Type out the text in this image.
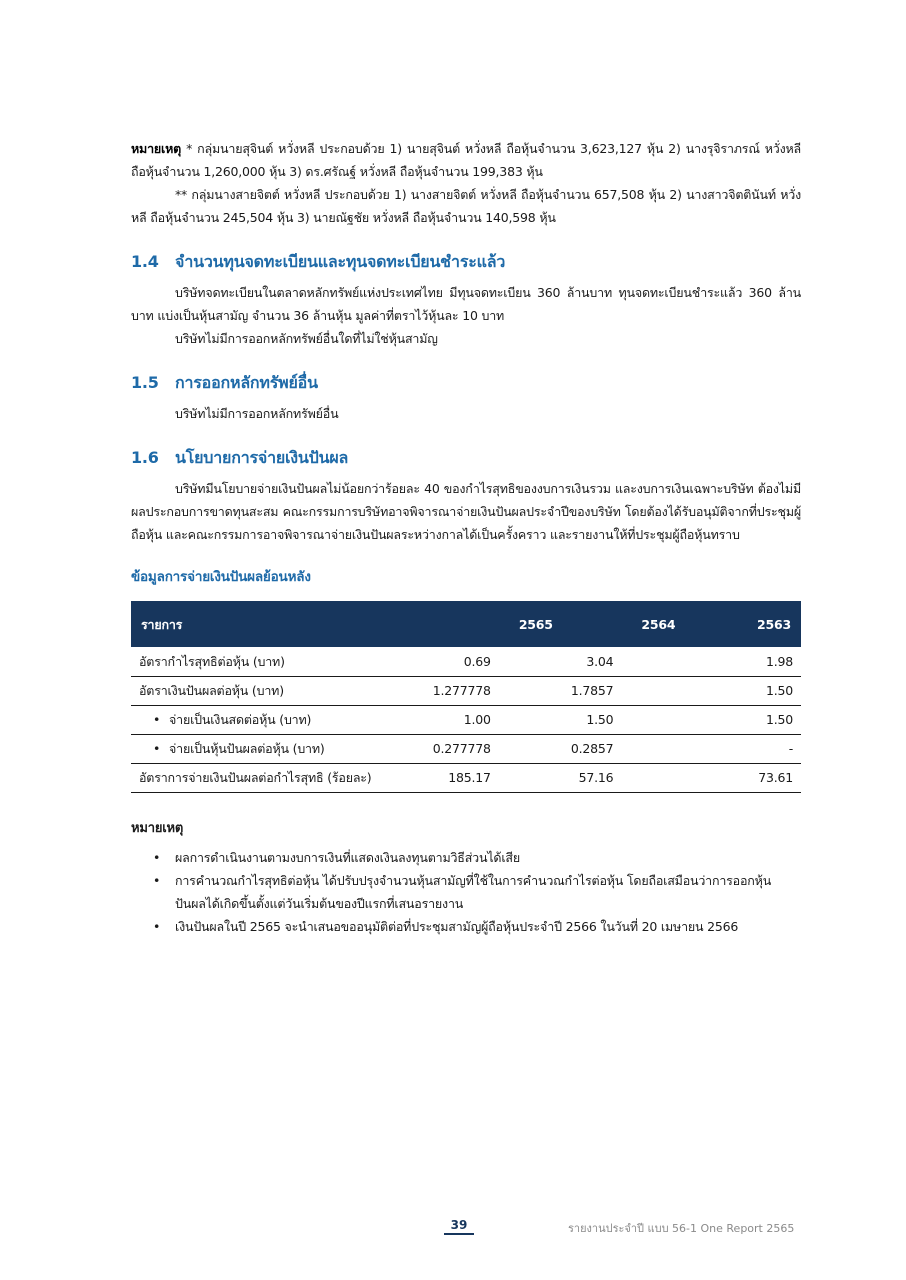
หมายเหตุ * กลุ่มนายสุจินต์ หวั่งหลี ประกอบด้วย 1) นายสุจินต์ หวั่งหลี ถือหุ้นจำนวน 3,623,127 หุ้น 2) นางรุจิราภรณ์ หวั่งหลี ถือหุ้นจำนวน 1,260,000 หุ้น 3) ดร.ศรัณฐ์ หวั่งหลี ถือหุ้นจำนวน 199,383 หุ้น

** กลุ่มนางสายจิตต์ หวั่งหลี ประกอบด้วย 1) นางสายจิตต์ หวั่งหลี ถือหุ้นจำนวน 657,508 หุ้น 2) นางสาวจิตตินันท์ หวั่งหลี ถือหุ้นจำนวน 245,504 หุ้น 3) นายณัฐชัย หวั่งหลี ถือหุ้นจำนวน 140,598 หุ้น

1.4	จำนวนทุนจดทะเบียนและทุนจดทะเบียนชำระแล้ว

บริษัทจดทะเบียนในตลาดหลักทรัพย์แห่งประเทศไทย มีทุนจดทะเบียน 360 ล้านบาท ทุนจดทะเบียนชำระแล้ว 360 ล้านบาท แบ่งเป็นหุ้นสามัญ จำนวน 36 ล้านหุ้น มูลค่าที่ตราไว้หุ้นละ 10 บาท

บริษัทไม่มีการออกหลักทรัพย์อื่นใดที่ไม่ใช่หุ้นสามัญ

1.5	การออกหลักทรัพย์อื่น

บริษัทไม่มีการออกหลักทรัพย์อื่น

1.6	นโยบายการจ่ายเงินปันผล

บริษัทมีนโยบายจ่ายเงินปันผลไม่น้อยกว่าร้อยละ 40 ของกำไรสุทธิของงบการเงินรวม และงบการเงินเฉพาะบริษัท ต้องไม่มีผลประกอบการขาดทุนสะสม คณะกรรมการบริษัทอาจพิจารณาจ่ายเงินปันผลประจำปีของบริษัท โดยต้องได้รับอนุมัติจากที่ประชุมผู้ถือหุ้น และคณะกรรมการอาจพิจารณาจ่ายเงินปันผลระหว่างกาลได้เป็นครั้งคราว และรายงานให้ที่ประชุมผู้ถือหุ้นทราบ

ข้อมูลการจ่ายเงินปันผลย้อนหลัง
รายการ	2565	2564	2563
อัตรากำไรสุทธิต่อหุ้น (บาท)	0.69	3.04	1.98
อัตราเงินปันผลต่อหุ้น (บาท)	1.277778	1.7857	1.50
• จ่ายเป็นเงินสดต่อหุ้น (บาท)	1.00	1.50	1.50
• จ่ายเป็นหุ้นปันผลต่อหุ้น (บาท)	0.277778	0.2857	-
อัตราการจ่ายเงินปันผลต่อกำไรสุทธิ (ร้อยละ)	185.17	57.16	73.61

หมายเหตุ

• ผลการดำเนินงานตามงบการเงินที่แสดงเงินลงทุนตามวิธีส่วนได้เสีย
• การคำนวณกำไรสุทธิต่อหุ้น ได้ปรับปรุงจำนวนหุ้นสามัญที่ใช้ในการคำนวณกำไรต่อหุ้น โดยถือเสมือนว่าการออกหุ้นปันผลได้เกิดขึ้นตั้งแต่วันเริ่มต้นของปีแรกที่เสนอรายงาน
• เงินปันผลในปี 2565 จะนำเสนอขออนุมัติต่อที่ประชุมสามัญผู้ถือหุ้นประจำปี 2566 ในวันที่ 20 เมษายน 2566
39	รายงานประจำปี แบบ 56-1 One Report 2565
